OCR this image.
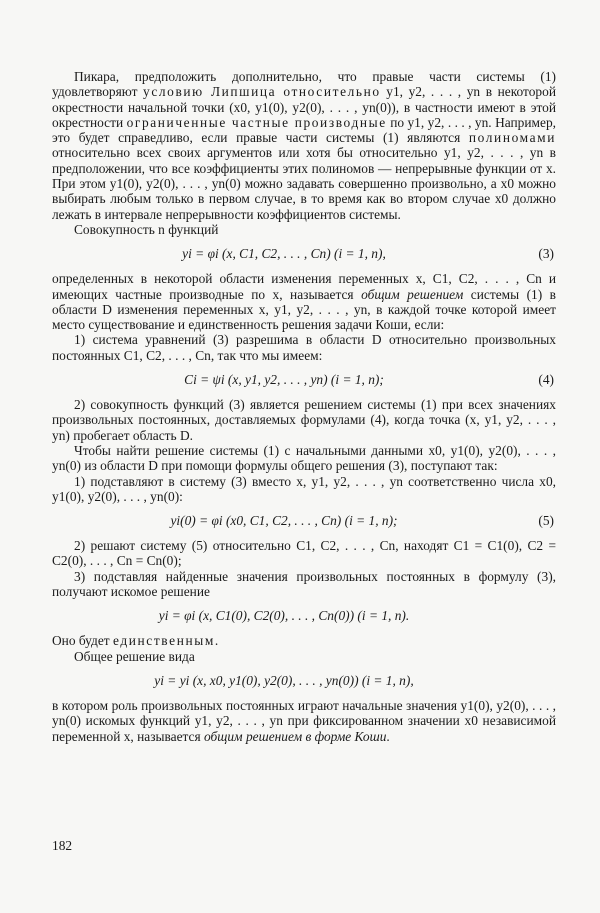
Пикара, предположить дополнительно, что правые части системы (1) удовлетворяют условию Липшица относительно y1, y2, . . . , yn в некоторой окрестности начальной точки (x0, y1(0), y2(0), . . . , yn(0)), в частности имеют в этой окрестности ограниченные частные производные по y1, y2, . . . , yn. Например, это будет справедливо, если правые части системы (1) являются полиномами относительно всех своих аргументов или хотя бы относительно y1, y2, . . . , yn в предположении, что все коэффициенты этих полиномов — непрерывные функции от x. При этом y1(0), y2(0), . . . , yn(0) можно задавать совершенно произвольно, а x0 можно выбирать любым только в первом случае, в то время как во втором случае x0 должно лежать в интервале непрерывности коэффициентов системы.

Совокупность n функций

yi = φi (x, C1, C2, . . . , Cn) (i = 1, n),	(3)

определенных в некоторой области изменения переменных x, C1, C2, . . . , Cn и имеющих частные производные по x, называется общим решением системы (1) в области D изменения переменных x, y1, y2, . . . , yn, в каждой точке которой имеет место существование и единственность решения задачи Коши, если:

1) система уравнений (3) разрешима в области D относительно произвольных постоянных C1, C2, . . . , Cn, так что мы имеем:

Ci = ψi (x, y1, y2, . . . , yn) (i = 1, n);	(4)

2) совокупность функций (3) является решением системы (1) при всех значениях произвольных постоянных, доставляемых формулами (4), когда точка (x, y1, y2, . . . , yn) пробегает область D.

Чтобы найти решение системы (1) с начальными данными x0, y1(0), y2(0), . . . , yn(0) из области D при помощи формулы общего решения (3), поступают так:

1) подставляют в систему (3) вместо x, y1, y2, . . . , yn соответственно числа x0, y1(0), y2(0), . . . , yn(0):

yi(0) = φi (x0, C1, C2, . . . , Cn) (i = 1, n);	(5)

2) решают систему (5) относительно C1, C2, . . . , Cn, находят C1 = C1(0), C2 = C2(0), . . . , Cn = Cn(0);

3) подставляя найденные значения произвольных постоянных в формулу (3), получают искомое решение

yi = φi (x, C1(0), C2(0), . . . , Cn(0)) (i = 1, n).

Оно будет единственным.

Общее решение вида

yi = yi (x, x0, y1(0), y2(0), . . . , yn(0)) (i = 1, n),

в котором роль произвольных постоянных играют начальные значения y1(0), y2(0), . . . , yn(0) искомых функций y1, y2, . . . , yn при фиксированном значении x0 независимой переменной x, называется общим решением в форме Коши.

182
